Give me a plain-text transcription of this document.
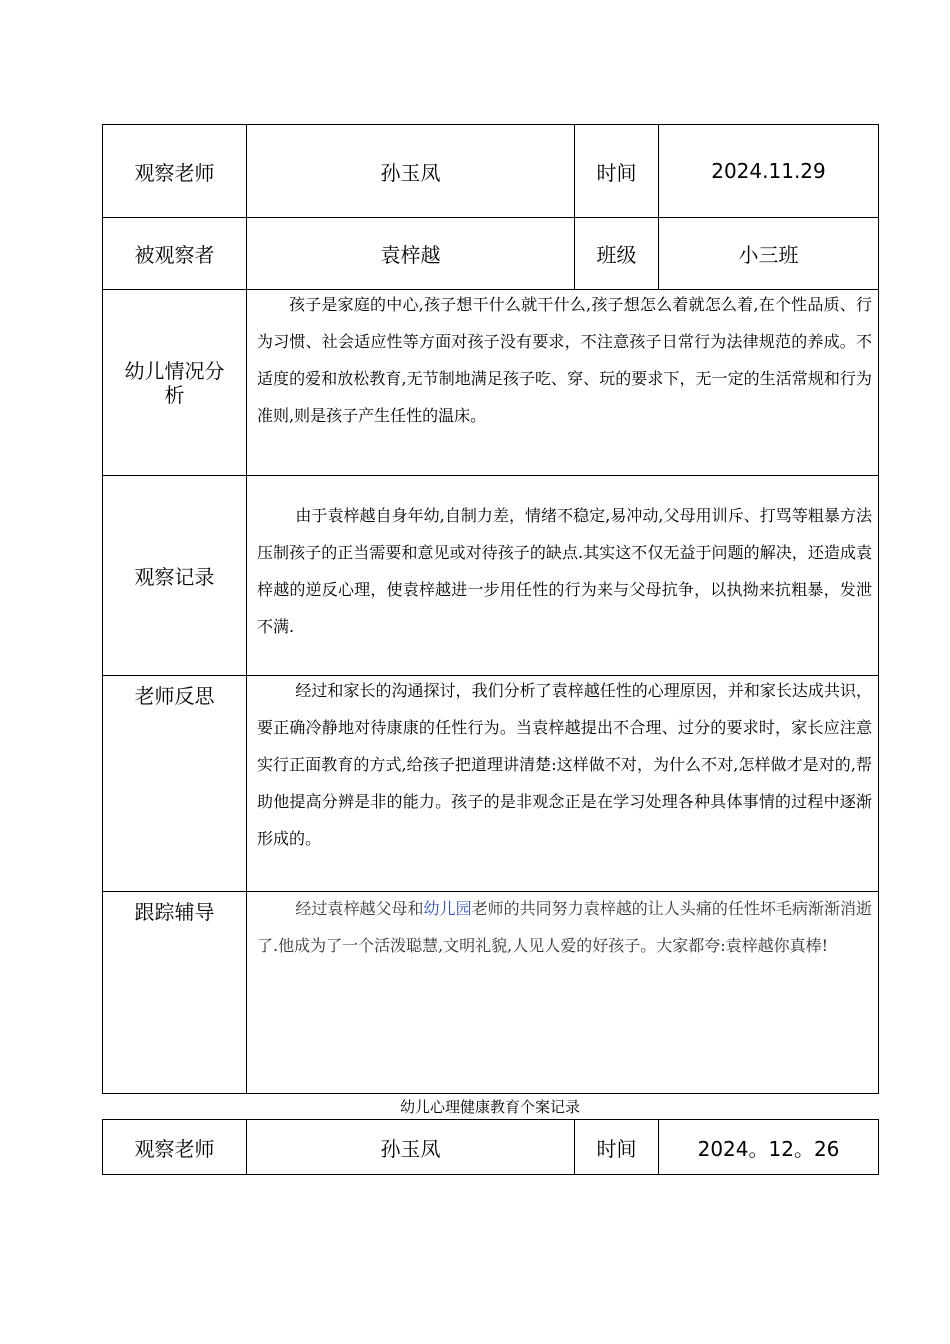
观察老师	孙玉凤	时间	2024.11.29
被观察者	袁梓越	班级	小三班
幼儿情况分析	孩子是家庭的中心,孩子想干什么就干什么,孩子想怎么着就怎么着,在个性品质、行为习惯、社会适应性等方面对孩子没有要求，不注意孩子日常行为法律规范的养成。不适度的爱和放松教育,无节制地满足孩子吃、穿、玩的要求下，无一定的生活常规和行为准则,则是孩子产生任性的温床。		

观察记录	由于袁梓越自身年幼,自制力差，情绪不稳定,易冲动,父母用训斥、打骂等粗暴方法压制孩子的正当需要和意见或对待孩子的缺点.其实这不仅无益于问题的解决，还造成袁梓越的逆反心理，使袁梓越进一步用任性的行为来与父母抗争，以执拗来抗粗暴，发泄不满.		

老师反思	经过和家长的沟通探讨，我们分析了袁梓越任性的心理原因，并和家长达成共识，要正确冷静地对待康康的任性行为。当袁梓越提出不合理、过分的要求时，家长应注意实行正面教育的方式,给孩子把道理讲清楚:这样做不对，为什么不对,怎样做才是对的,帮助他提高分辨是非的能力。孩子的是非观念正是在学习处理各种具体事情的过程中逐渐形成的。		

跟踪辅导	经过袁梓越父母和幼儿园老师的共同努力袁梓越的让人头痛的任性坏毛病渐渐消逝了.他成为了一个活泼聪慧,文明礼貌,人见人爱的好孩子。大家都夸:袁梓越你真棒!		

幼儿心理健康教育个案记录
观察老师	孙玉凤	时间	2024。12。26
